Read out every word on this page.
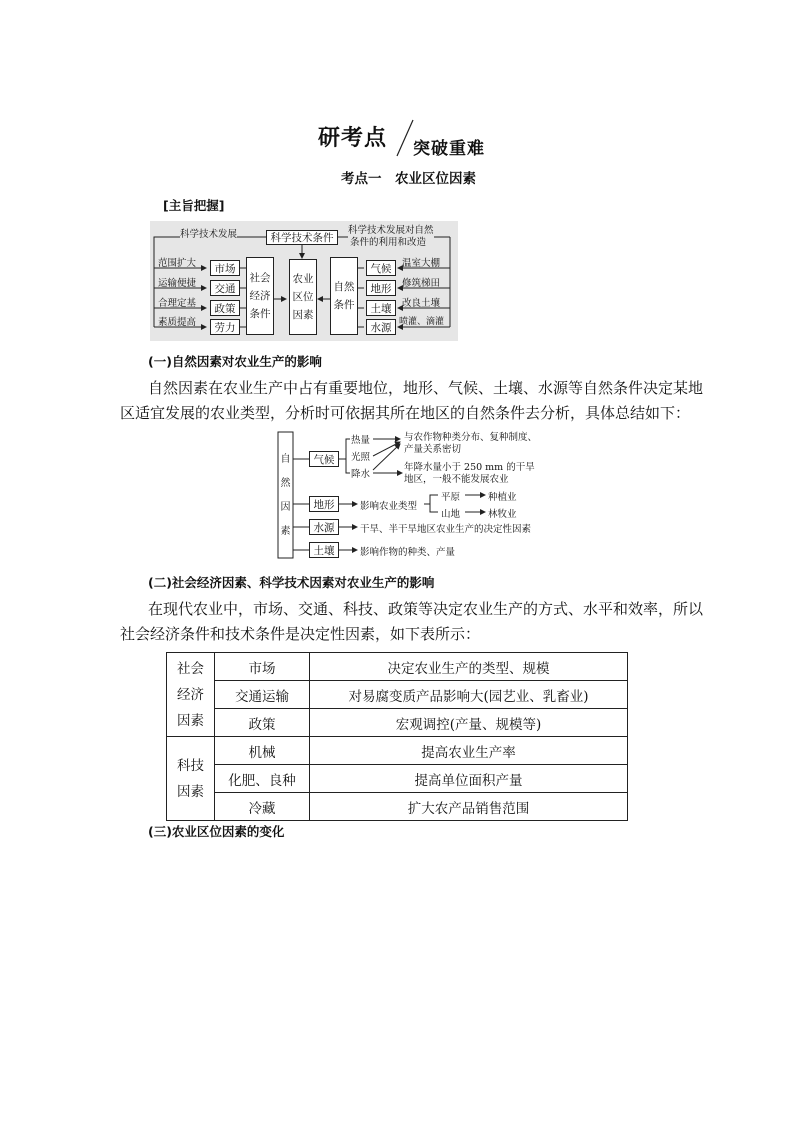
研考点 突破重难
考点一　农业区位因素
[主旨把握]
科学技术发展	科学技术条件
科学技术发展对自然
条件的利用和改造
范围扩大
运输便捷
合理定基
素质提高
市场
交通
政策
劳力
社会
经济
条件
农业
区位
因素
自然
条件
气候
地形
土壤
水源
温室大棚
修筑梯田
改良土壤
喷灌、滴灌
(一)自然因素对农业生产的影响
自然因素在农业生产中占有重要地位，地形、气候、土壤、水源等自然条件决定某地
区适宜发展的农业类型，分析时可依据其所在地区的自然条件去分析，具体总结如下：
自
然
因
素
气候
热量
光照
降水
与农作物种类分布、复种制度、
产量关系密切
年降水量小于 250 mm 的干旱
地区，一般不能发展农业
地形	影响农业类型
平原	种植业
山地	林牧业
水源	干旱、半干旱地区农业生产的决定性因素
土壤	影响作物的种类、产量
(二)社会经济因素、科学技术因素对农业生产的影响
在现代农业中，市场、交通、科技、政策等决定农业生产的方式、水平和效率，所以
社会经济条件和技术条件是决定性因素，如下表所示：
社会
经济
因素	市场	决定农业生产的类型、规模
	交通运输	对易腐变质产品影响大(园艺业、乳畜业)
	政策	宏观调控(产量、规模等)

科技
因素	机械	提高农业生产率
	化肥、良种	提高单位面积产量
	冷藏	扩大农产品销售范围
(三)农业区位因素的变化
